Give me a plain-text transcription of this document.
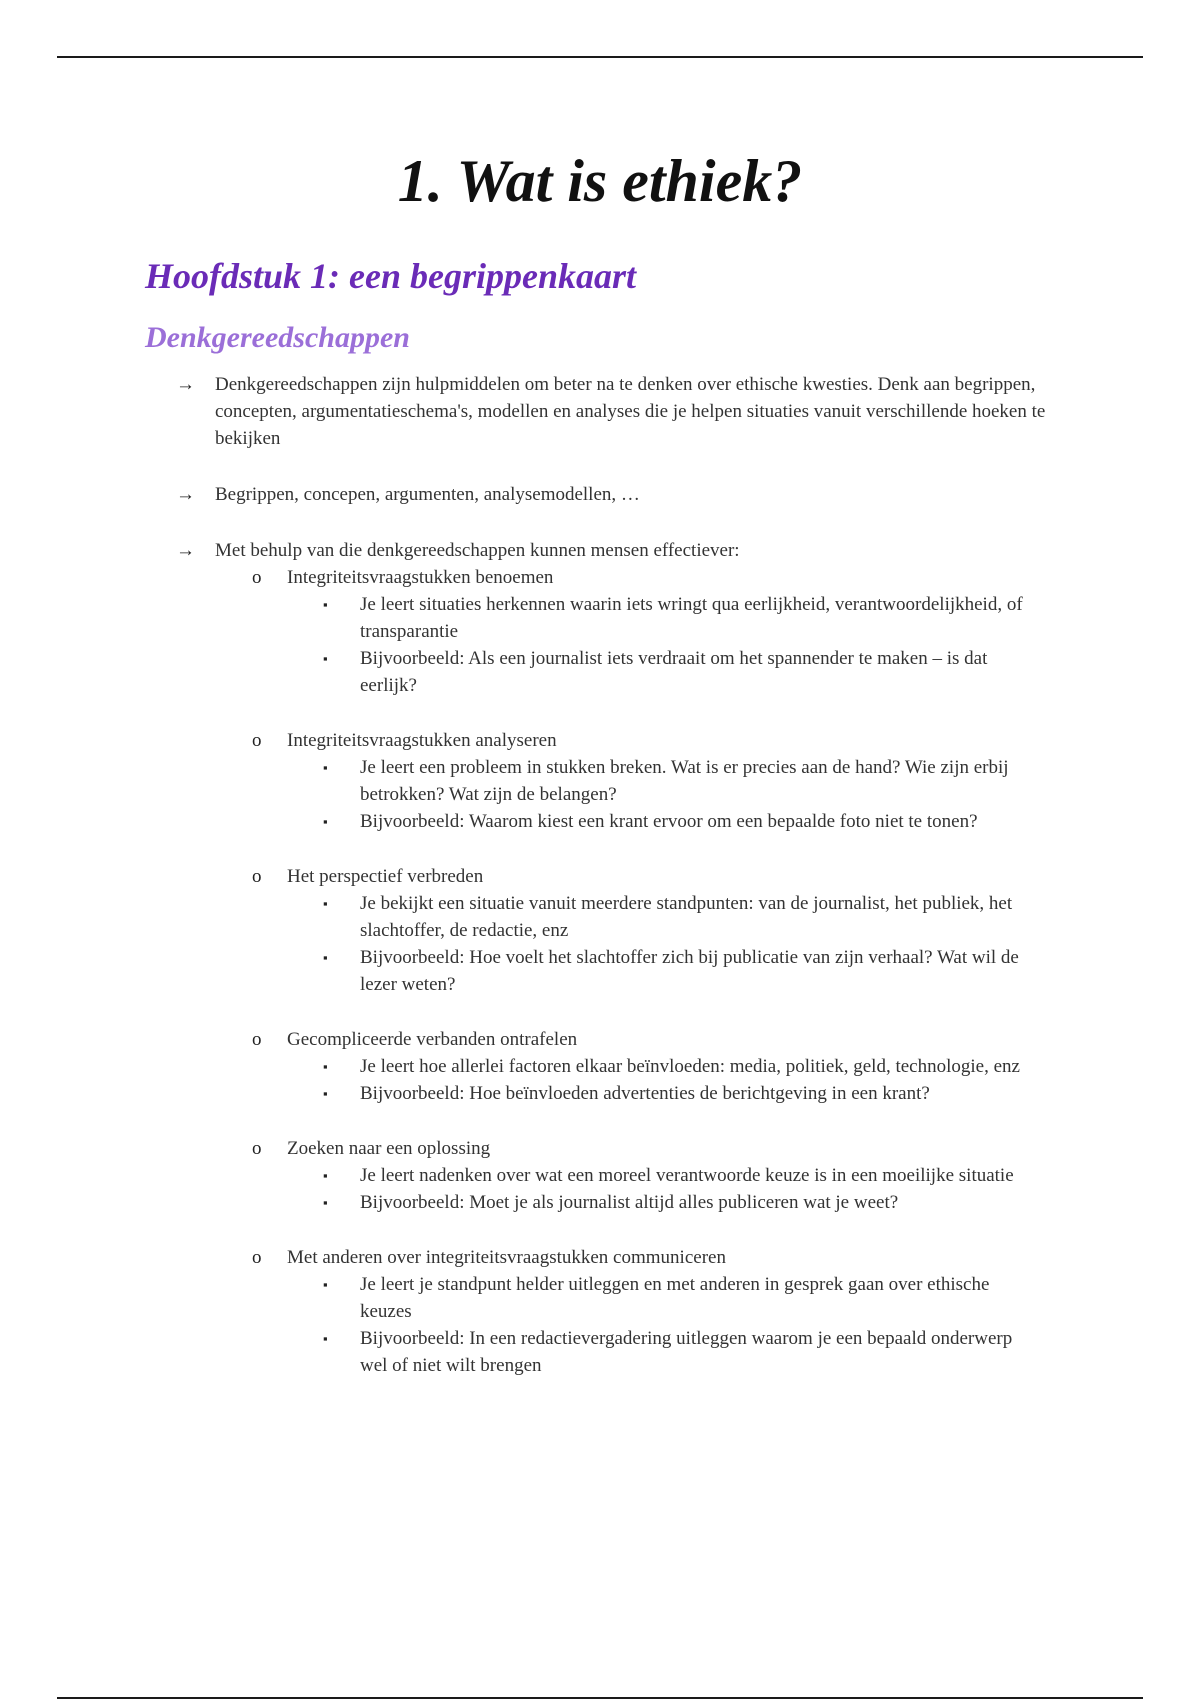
1. Wat is ethiek?
Hoofdstuk 1: een begrippenkaart
Denkgereedschappen
→	Denkgereedschappen zijn hulpmiddelen om beter na te denken over ethische kwesties. Denk aan begrippen, concepten, argumentatieschema's, modellen en analyses die je helpen situaties vanuit verschillende hoeken te bekijken
→	Begrippen, concepen, argumenten, analysemodellen, …
→	Met behulp van die denkgereedschappen kunnen mensen effectiever:
o	Integriteitsvraagstukken benoemen
▪	Je leert situaties herkennen waarin iets wringt qua eerlijkheid, verantwoordelijkheid, of transparantie
▪	Bijvoorbeeld: Als een journalist iets verdraait om het spannender te maken – is dat eerlijk?
o	Integriteitsvraagstukken analyseren
▪	Je leert een probleem in stukken breken. Wat is er precies aan de hand? Wie zijn erbij betrokken? Wat zijn de belangen?
▪	Bijvoorbeeld: Waarom kiest een krant ervoor om een bepaalde foto niet te tonen?
o	Het perspectief verbreden
▪	Je bekijkt een situatie vanuit meerdere standpunten: van de journalist, het publiek, het slachtoffer, de redactie, enz
▪	Bijvoorbeeld: Hoe voelt het slachtoffer zich bij publicatie van zijn verhaal? Wat wil de lezer weten?
o	Gecompliceerde verbanden ontrafelen
▪	Je leert hoe allerlei factoren elkaar beïnvloeden: media, politiek, geld, technologie, enz
▪	Bijvoorbeeld: Hoe beïnvloeden advertenties de berichtgeving in een krant?
o	Zoeken naar een oplossing
▪	Je leert nadenken over wat een moreel verantwoorde keuze is in een moeilijke situatie
▪	Bijvoorbeeld: Moet je als journalist altijd alles publiceren wat je weet?
o	Met anderen over integriteitsvraagstukken communiceren
▪	Je leert je standpunt helder uitleggen en met anderen in gesprek gaan over ethische keuzes
▪	Bijvoorbeeld: In een redactievergadering uitleggen waarom je een bepaald onderwerp wel of niet wilt brengen
